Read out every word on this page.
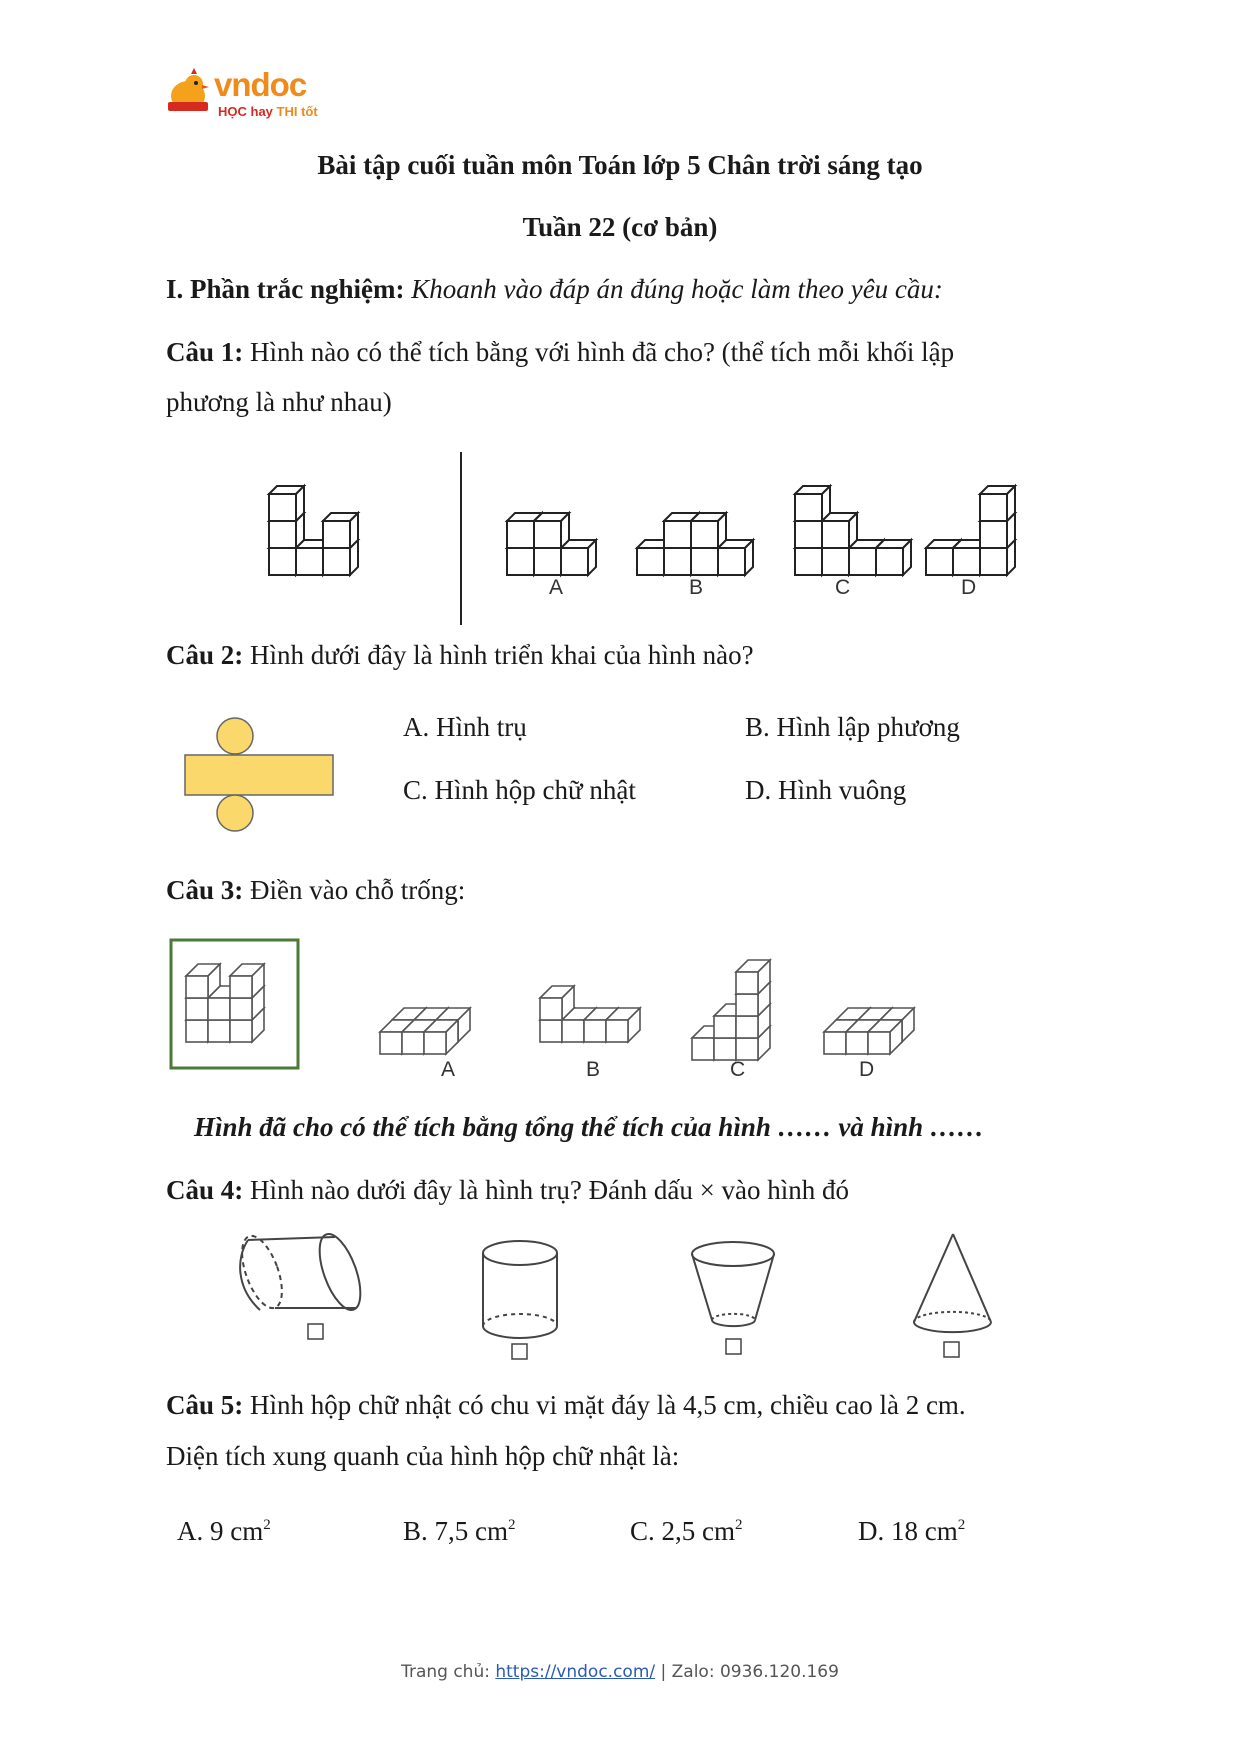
vndoc
HỌC hay THI tốt
Bài tập cuối tuần môn Toán lớp 5 Chân trời sáng tạo
Tuần 22 (cơ bản)
I. Phần trắc nghiệm: Khoanh vào đáp án đúng hoặc làm theo yêu cầu:
Câu 1: Hình nào có thể tích bằng với hình đã cho? (thể tích mỗi khối lập
phương là như nhau)
A	B	C	D
Câu 2: Hình dưới đây là hình triển khai của hình nào?
A. Hình trụ	B. Hình lập phương
C. Hình hộp chữ nhật	D. Hình vuông
Câu 3: Điền vào chỗ trống:
A	B	C	D
Hình đã cho có thể tích bằng tổng thể tích của hình …… và hình ……
Câu 4: Hình nào dưới đây là hình trụ? Đánh dấu × vào hình đó
Câu 5: Hình hộp chữ nhật có chu vi mặt đáy là 4,5 cm, chiều cao là 2 cm.
Diện tích xung quanh của hình hộp chữ nhật là:
A. 9 $cm^2$	B. 7,5 $cm^2$	C. 2,5 $cm^2$	D. 18 $cm^2$
Trang chủ: https://vndoc.com/ | Zalo: 0936.120.169
